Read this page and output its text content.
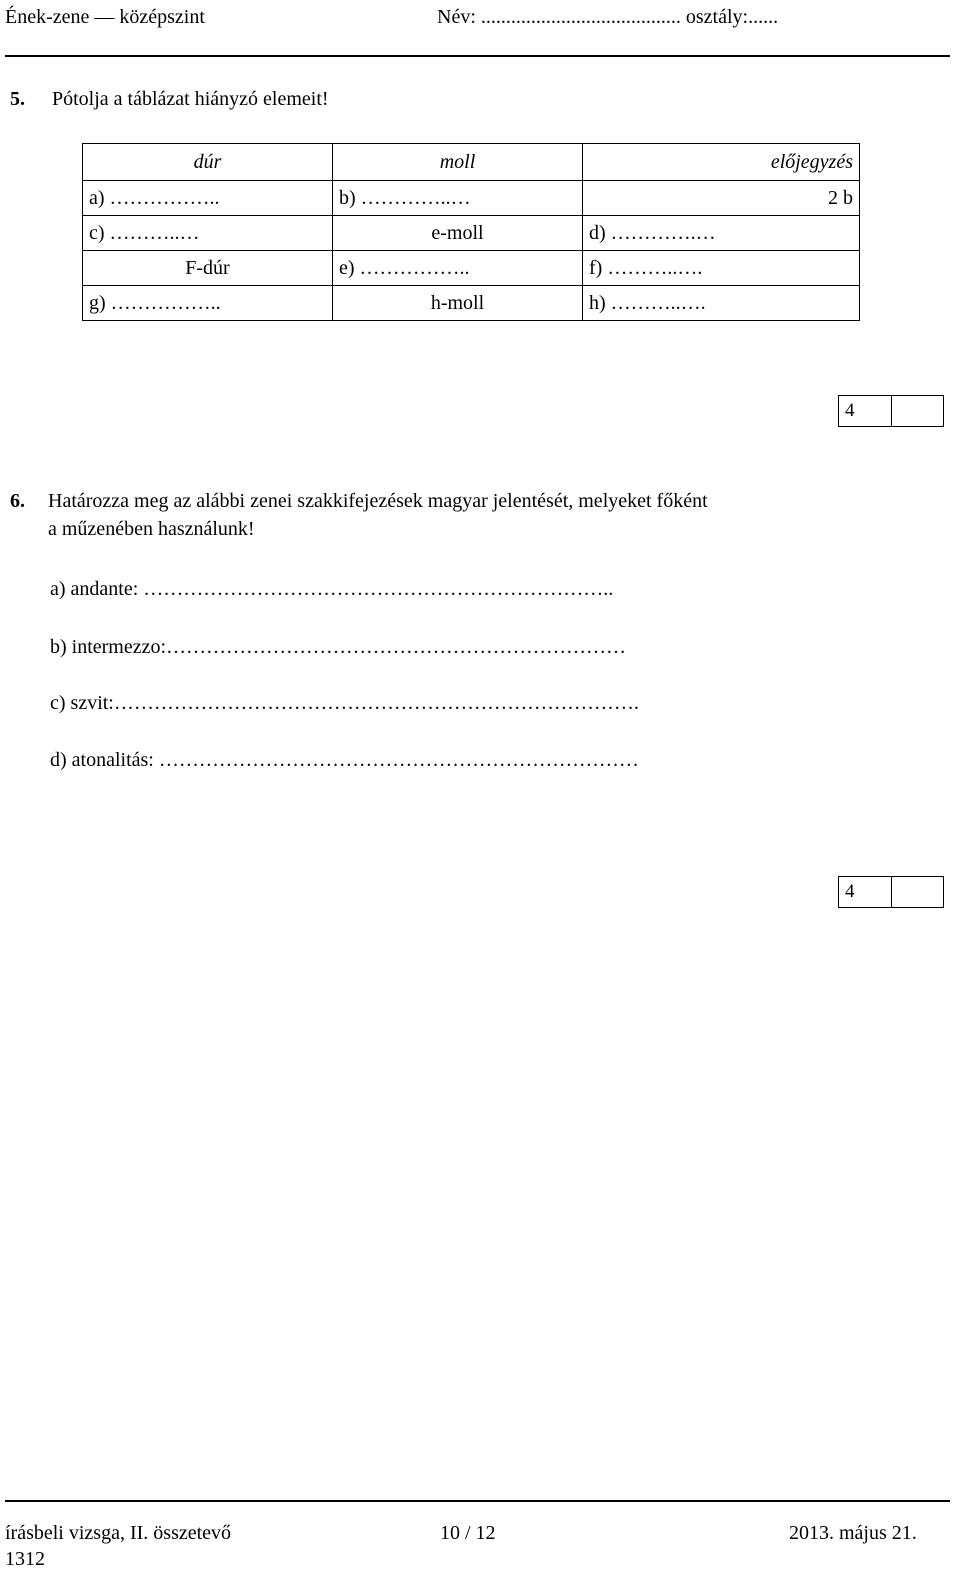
Ének-zene — középszint	Név: ........................................ osztály:......
5. Pótolja a táblázat hiányzó elemeit!
dúr	moll	előjegyzés
a) ……………..	b) …………..…	2 b
c) ………..…	e-moll	d) ………….…
F-dúr	e) ……………..	f) ………..….
g) ……………..	h-moll	h) ………..….
4
6. Határozza meg az alábbi zenei szakkifejezések magyar jelentését, melyeket főként
a műzenében használunk!
a) andante: ……………………………………………………………..
b) intermezzo:……………………………………………………………
c) szvit:…………………………………………………………………….
d) atonalitás: ………………………………………………………………
4
írásbeli vizsga, II. összetevő	10 / 12	2013. május 21.
1312
